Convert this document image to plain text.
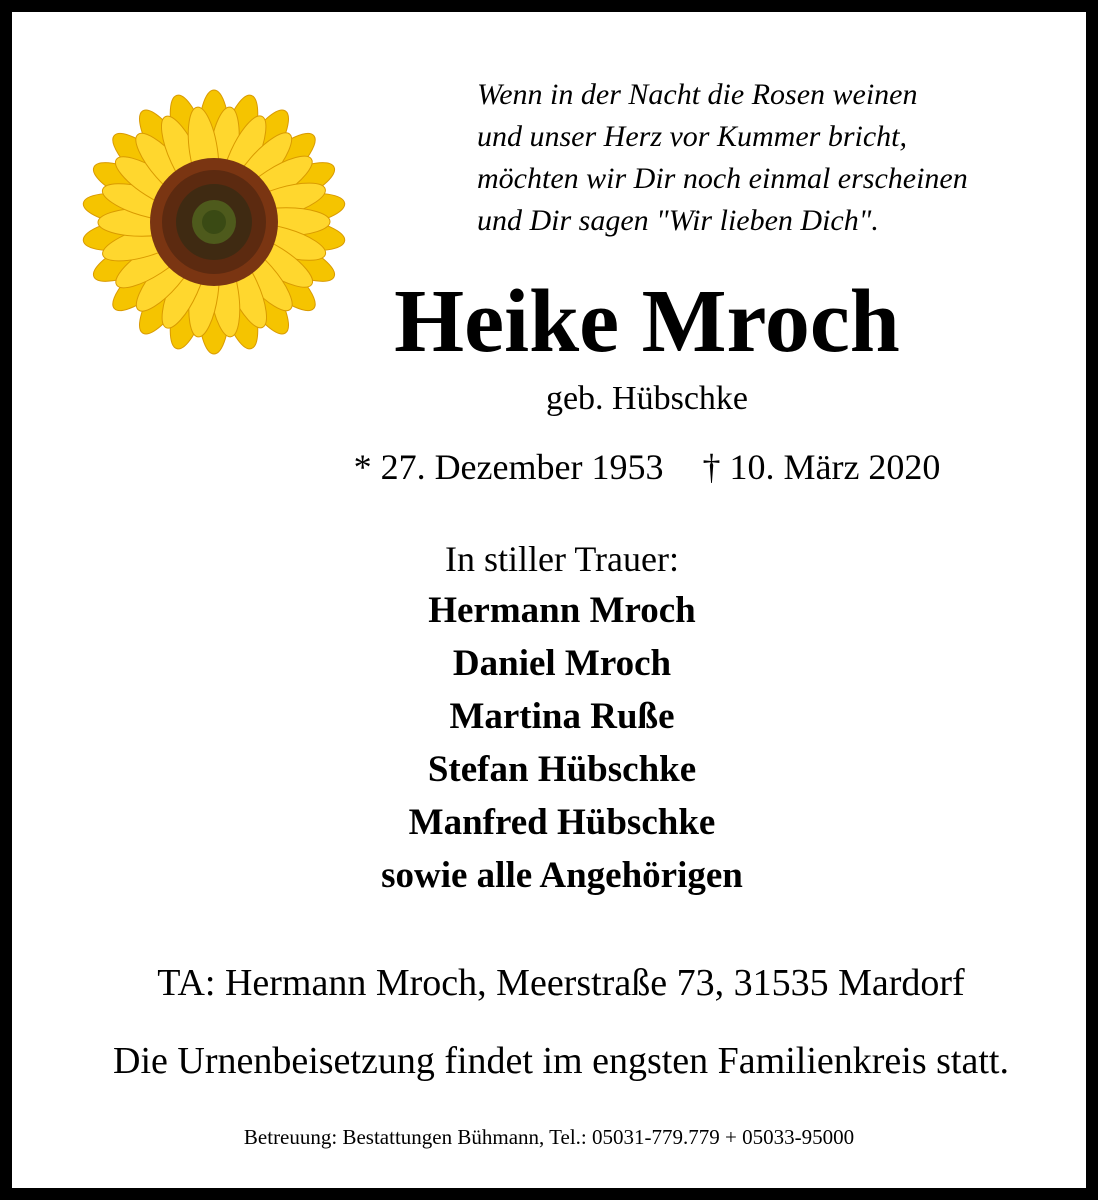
Wenn in der Nacht die Rosen weinen
und unser Herz vor Kummer bricht,
möchten wir Dir noch einmal erscheinen
und Dir sagen "Wir lieben Dich".
Heike Mroch
geb. Hübschke
* 27. Dezember 1953 † 10. März 2020
In stiller Trauer:
Hermann Mroch
Daniel Mroch
Martina Ruße
Stefan Hübschke
Manfred Hübschke
sowie alle Angehörigen
TA: Hermann Mroch, Meerstraße 73, 31535 Mardorf
Die Urnenbeisetzung findet im engsten Familienkreis statt.
Betreuung: Bestattungen Bühmann, Tel.: 05031-779.779 + 05033-95000
